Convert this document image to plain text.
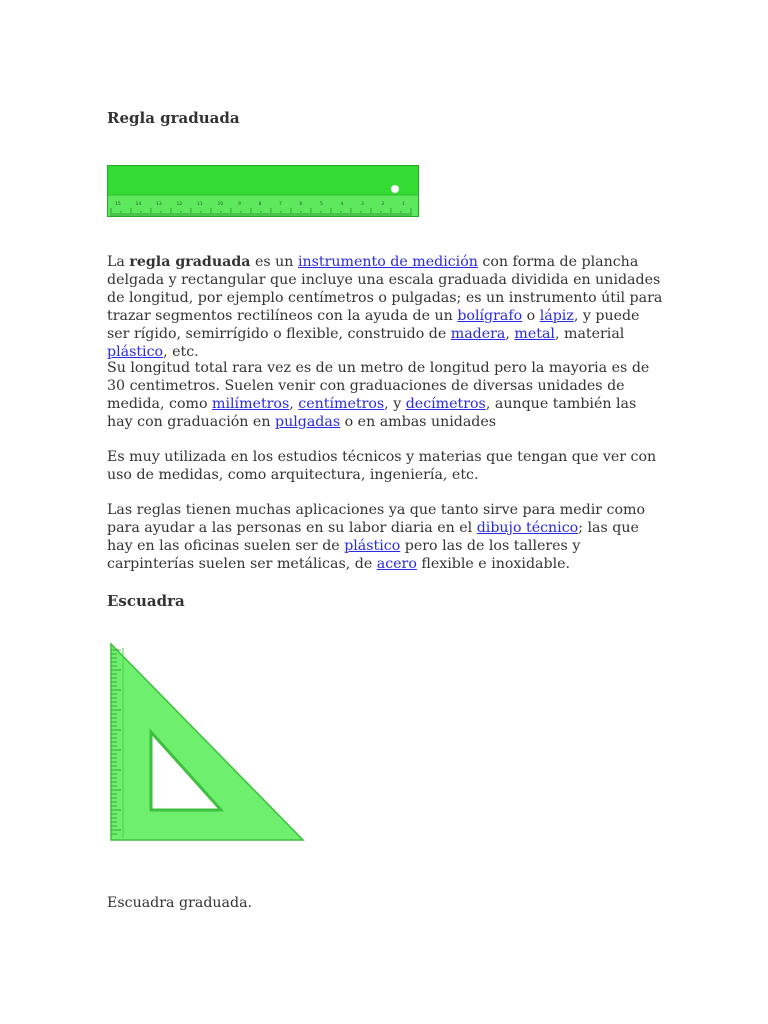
Regla graduada
15	14	13	12	11	10	9	8	7	6	5	4	3	2	1

La regla graduada es un instrumento de medición con forma de plancha delgada y rectangular que incluye una escala graduada dividida en unidades de longitud, por ejemplo centímetros o pulgadas; es un instrumento útil para trazar segmentos rectilíneos con la ayuda de un bolígrafo o lápiz, y puede ser rígido, semirrígido o flexible, construido de madera, metal, material plástico, etc.

Su longitud total rara vez es de un metro de longitud pero la mayoria es de 30 centimetros. Suelen venir con graduaciones de diversas unidades de medida, como milímetros, centímetros, y decímetros, aunque también las hay con graduación en pulgadas o en ambas unidades

Es muy utilizada en los estudios técnicos y materias que tengan que ver con uso de medidas, como arquitectura, ingeniería, etc.

Las reglas tienen muchas aplicaciones ya que tanto sirve para medir como para ayudar a las personas en su labor diaria en el dibujo técnico; las que hay en las oficinas suelen ser de plástico pero las de los talleres y carpinterías suelen ser metálicas, de acero flexible e inoxidable.

Escuadra

Escuadra graduada.
